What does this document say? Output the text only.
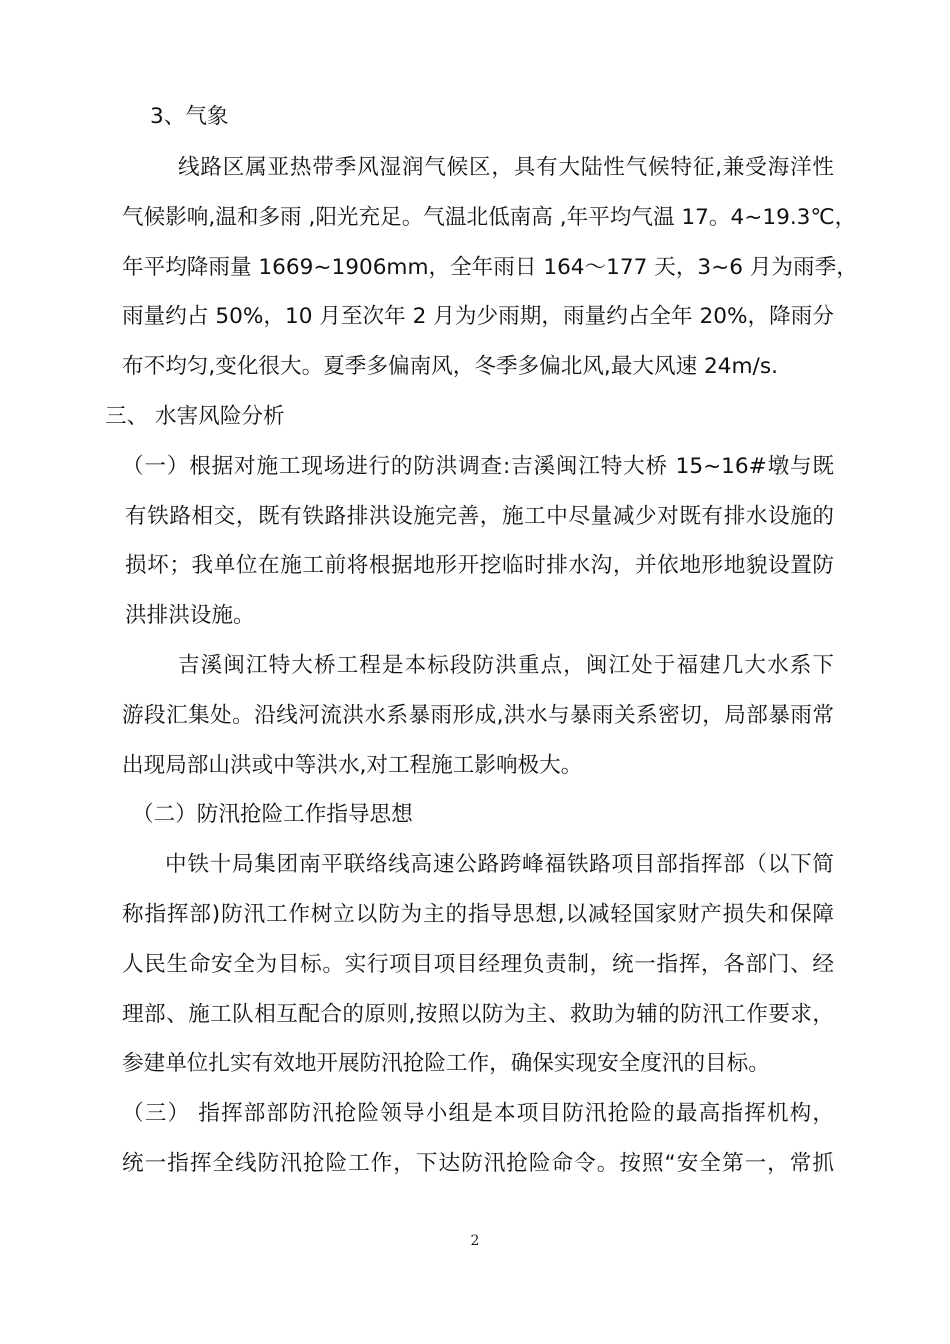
3、气象
线路区属亚热带季风湿润气候区，具有大陆性气候特征,兼受海洋性
气候影响,温和多雨 ,阳光充足。气温北低南高 ,年平均气温 17。4~19.3℃，
年平均降雨量 1669~1906mm，全年雨日 164～177 天，3~6 月为雨季，
雨量约占 50%，10 月至次年 2 月为少雨期，雨量约占全年 20%，降雨分
布不均匀,变化很大。夏季多偏南风，冬季多偏北风,最大风速 24m/s.
三、 水害风险分析
（一）根据对施工现场进行的防洪调查:吉溪闽江特大桥 15~16#墩与既
有铁路相交，既有铁路排洪设施完善，施工中尽量减少对既有排水设施的
损坏；我单位在施工前将根据地形开挖临时排水沟，并依地形地貌设置防
洪排洪设施。
吉溪闽江特大桥工程是本标段防洪重点，闽江处于福建几大水系下
游段汇集处。沿线河流洪水系暴雨形成,洪水与暴雨关系密切，局部暴雨常
出现局部山洪或中等洪水,对工程施工影响极大。
（二）防汛抢险工作指导思想
中铁十局集团南平联络线高速公路跨峰福铁路项目部指挥部（以下简
称指挥部)防汛工作树立以防为主的指导思想,以减轻国家财产损失和保障
人民生命安全为目标。实行项目项目经理负责制，统一指挥，各部门、经
理部、施工队相互配合的原则,按照以防为主、救助为辅的防汛工作要求，
参建单位扎实有效地开展防汛抢险工作，确保实现安全度汛的目标。
（三） 指挥部部防汛抢险领导小组是本项目防汛抢险的最高指挥机构，
统一指挥全线防汛抢险工作，下达防汛抢险命令。按照“安全第一，常抓
2
